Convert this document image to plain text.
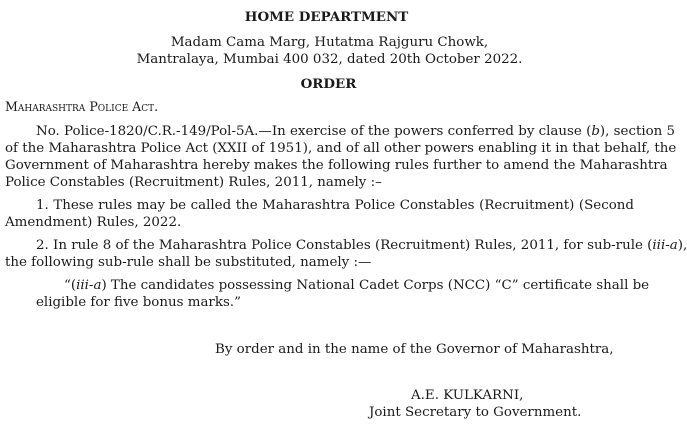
HOME DEPARTMENT
Madam Cama Marg, Hutatma Rajguru Chowk,
Mantralaya, Mumbai 400 032, dated 20th October 2022.
ORDER
Maharashtra Police Act.
No. Police-1820/C.R.-149/Pol-5A.—In exercise of the powers conferred by clause (b), section 5
of the Maharashtra Police Act (XXII of 1951), and of all other powers enabling it in that behalf, the
Government of Maharashtra hereby makes the following rules further to amend the Maharashtra
Police Constables (Recruitment) Rules, 2011, namely :–
1. These rules may be called the Maharashtra Police Constables (Recruitment) (Second
Amendment) Rules, 2022.
2. In rule 8 of the Maharashtra Police Constables (Recruitment) Rules, 2011, for sub-rule (iii-a),
the following sub-rule shall be substituted, namely :—
“(iii-a) The candidates possessing National Cadet Corps (NCC) “C” certificate shall be
eligible for five bonus marks.”
By order and in the name of the Governor of Maharashtra,
A.E. KULKARNI,
Joint Secretary to Government.
